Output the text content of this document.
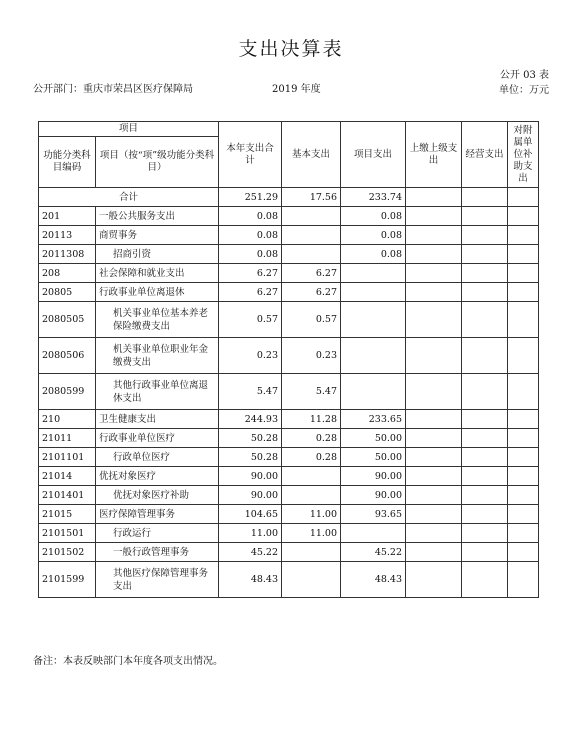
支出决算表
公开部门：重庆市荣昌区医疗保障局	2019 年度
公开 03 表
单位：万元
项目		本年支出合计	基本支出	项目支出	上缴上级支出	经营支出	对附属单位补助支出
功能分类科目编码	项目（按“项”级功能分类科目）						
合计		251.29	17.56	233.74			
201	一般公共服务支出	0.08		0.08			
20113	商贸事务	0.08		0.08			
2011308	招商引资	0.08		0.08			
208	社会保障和就业支出	6.27	6.27				
20805	行政事业单位离退休	6.27	6.27				
2080505	机关事业单位基本养老保险缴费支出	0.57	0.57				
2080506	机关事业单位职业年金缴费支出	0.23	0.23				
2080599	其他行政事业单位离退休支出	5.47	5.47				
210	卫生健康支出	244.93	11.28	233.65			
21011	行政事业单位医疗	50.28	0.28	50.00			
2101101	行政单位医疗	50.28	0.28	50.00			
21014	优抚对象医疗	90.00		90.00			
2101401	优抚对象医疗补助	90.00		90.00			
21015	医疗保障管理事务	104.65	11.00	93.65			
2101501	行政运行	11.00	11.00				
2101502	一般行政管理事务	45.22		45.22			
2101599	其他医疗保障管理事务支出	48.43		48.43			
备注：本表反映部门本年度各项支出情况。
